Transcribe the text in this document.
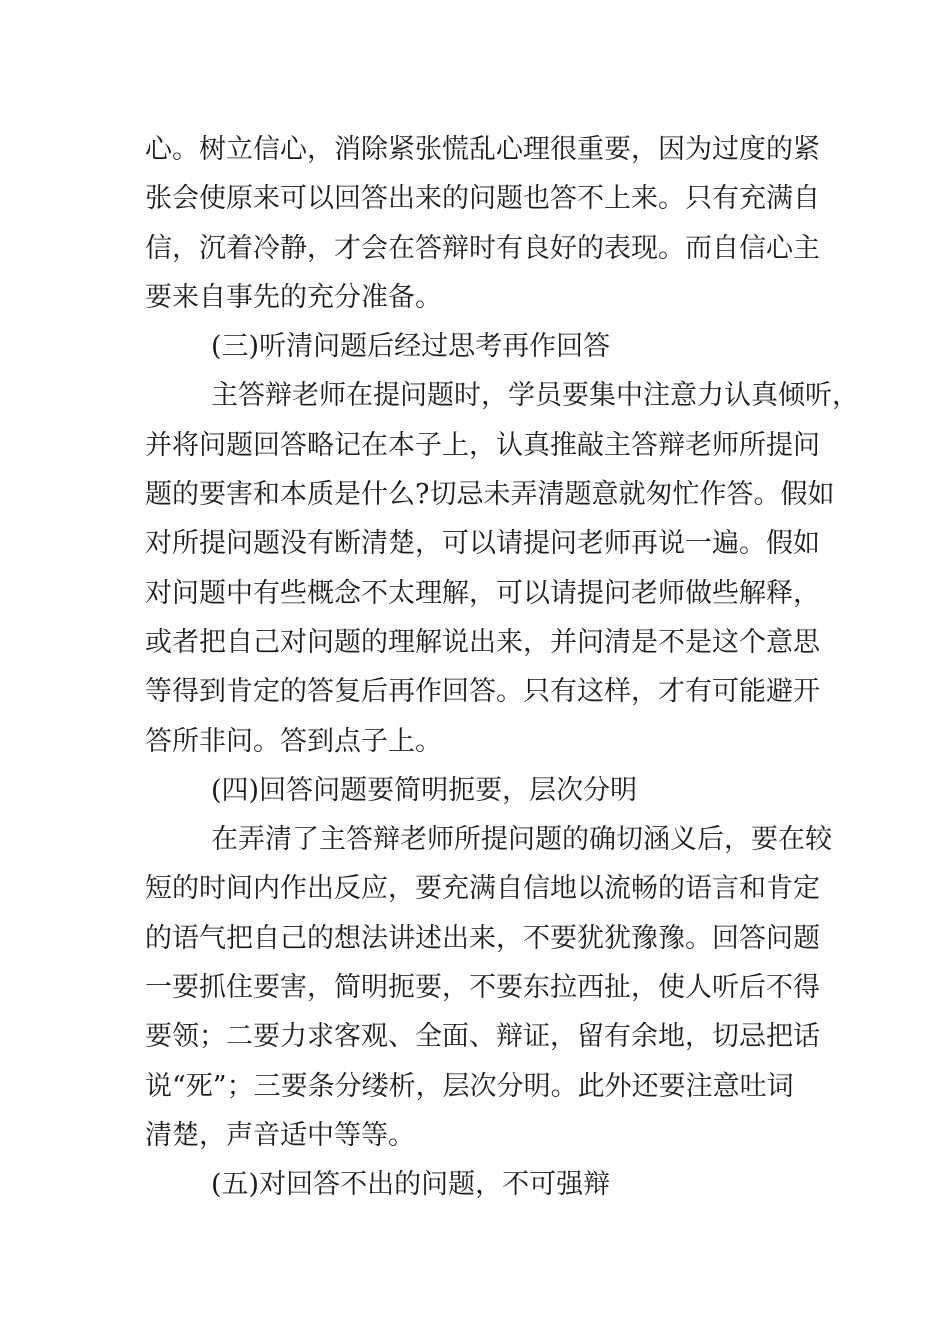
心。树立信心，消除紧张慌乱心理很重要，因为过度的紧
张会使原来可以回答出来的问题也答不上来。只有充满自
信，沉着冷静，才会在答辩时有良好的表现。而自信心主
要来自事先的充分准备。
(三)听清问题后经过思考再作回答
主答辩老师在提问题时，学员要集中注意力认真倾听，
并将问题回答略记在本子上，认真推敲主答辩老师所提问
题的要害和本质是什么?切忌未弄清题意就匆忙作答。假如
对所提问题没有断清楚，可以请提问老师再说一遍。假如
对问题中有些概念不太理解，可以请提问老师做些解释，
或者把自己对问题的理解说出来，并问清是不是这个意思
等得到肯定的答复后再作回答。只有这样，才有可能避开
答所非问。答到点子上。
(四)回答问题要简明扼要，层次分明
在弄清了主答辩老师所提问题的确切涵义后，要在较
短的时间内作出反应，要充满自信地以流畅的语言和肯定
的语气把自己的想法讲述出来，不要犹犹豫豫。回答问题
一要抓住要害，简明扼要，不要东拉西扯，使人听后不得
要领；二要力求客观、全面、辩证，留有余地，切忌把话
说“死”；三要条分缕析，层次分明。此外还要注意吐词
清楚，声音适中等等。
(五)对回答不出的问题，不可强辩
